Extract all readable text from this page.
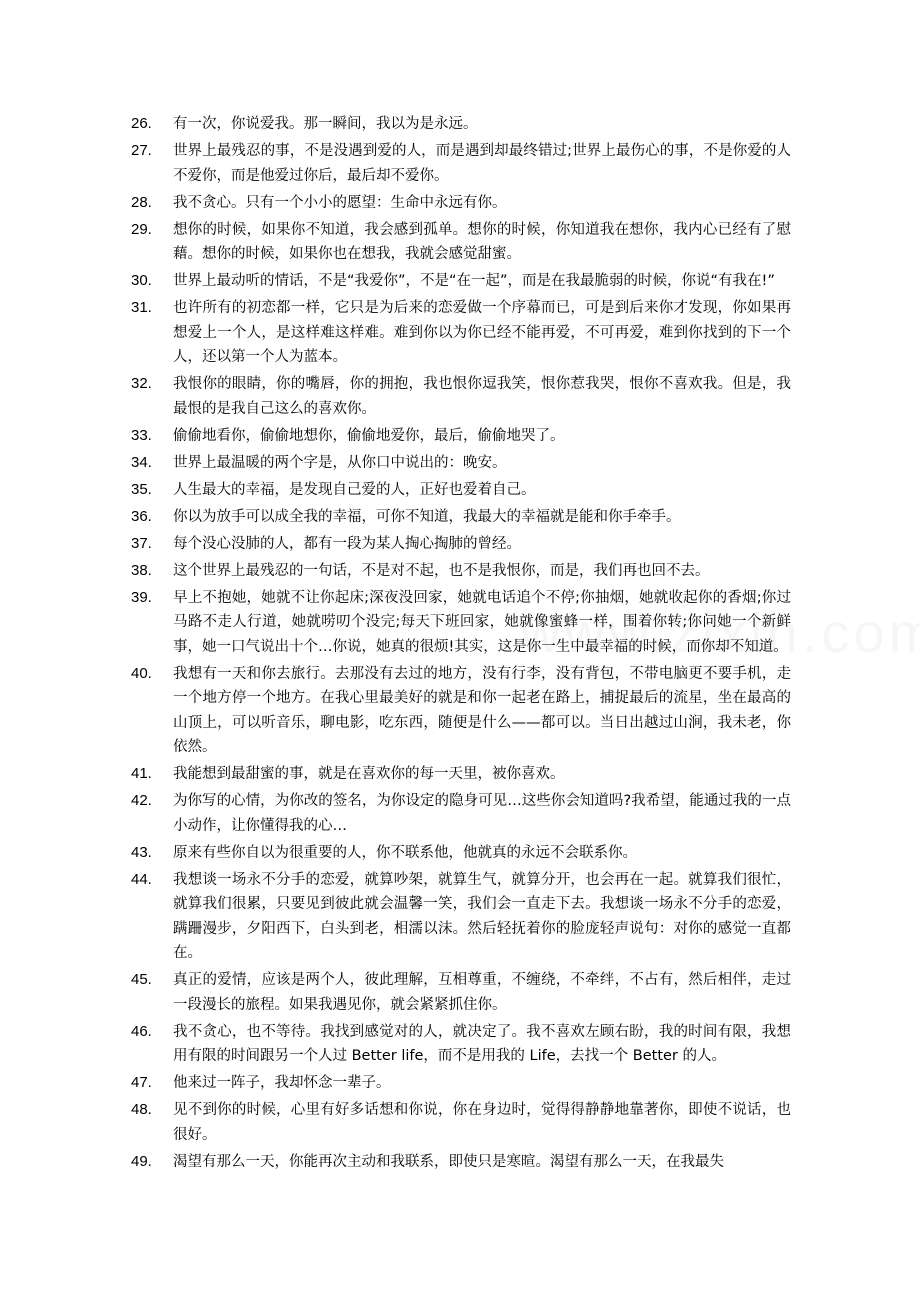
26.	有一次，你说爱我。那一瞬间，我以为是永远。
27.	世界上最残忍的事，不是没遇到爱的人，而是遇到却最终错过;世界上最伤心的事，不是你爱的人不爱你，而是他爱过你后，最后却不爱你。
28.	我不贪心。只有一个小小的愿望：生命中永远有你。
29.	想你的时候，如果你不知道，我会感到孤单。想你的时候，你知道我在想你，我内心已经有了慰藉。想你的时候，如果你也在想我，我就会感觉甜蜜。
30.	世界上最动听的情话，不是“我爱你”，不是“在一起”，而是在我最脆弱的时候，你说“有我在!”
31.	也许所有的初恋都一样，它只是为后来的恋爱做一个序幕而已，可是到后来你才发现，你如果再想爱上一个人，是这样难这样难。难到你以为你已经不能再爱，不可再爱，难到你找到的下一个人，还以第一个人为蓝本。
32.	我恨你的眼睛，你的嘴唇，你的拥抱，我也恨你逗我笑，恨你惹我哭，恨你不喜欢我。但是，我最恨的是我自己这么的喜欢你。
33.	偷偷地看你，偷偷地想你，偷偷地爱你，最后，偷偷地哭了。
34.	世界上最温暖的两个字是，从你口中说出的：晚安。
35.	人生最大的幸福，是发现自己爱的人，正好也爱着自己。
36.	你以为放手可以成全我的幸福，可你不知道，我最大的幸福就是能和你手牵手。
37.	每个没心没肺的人，都有一段为某人掏心掏肺的曾经。
38.	这个世界上最残忍的一句话，不是对不起，也不是我恨你，而是，我们再也回不去。
39.	早上不抱她，她就不让你起床;深夜没回家，她就电话追个不停;你抽烟，她就收起你的香烟;你过马路不走人行道，她就唠叨个没完;每天下班回家，她就像蜜蜂一样，围着你转;你问她一个新鲜事，她一口气说出十个…你说，她真的很烦!其实，这是你一生中最幸福的时候，而你却不知道。
40.	我想有一天和你去旅行。去那没有去过的地方，没有行李，没有背包，不带电脑更不要手机，走一个地方停一个地方。在我心里最美好的就是和你一起老在路上，捕捉最后的流星，坐在最高的山顶上，可以听音乐，聊电影，吃东西，随便是什么——都可以。当日出越过山涧，我未老，你依然。
41.	我能想到最甜蜜的事，就是在喜欢你的每一天里，被你喜欢。
42.	为你写的心情，为你改的签名，为你设定的隐身可见…这些你会知道吗?我希望，能通过我的一点小动作，让你懂得我的心…
43.	原来有些你自以为很重要的人，你不联系他，他就真的永远不会联系你。
44.	我想谈一场永不分手的恋爱，就算吵架，就算生气，就算分开，也会再在一起。就算我们很忙，就算我们很累，只要见到彼此就会温馨一笑，我们会一直走下去。我想谈一场永不分手的恋爱，蹒跚漫步，夕阳西下，白头到老，相濡以沫。然后轻抚着你的脸庞轻声说句：对你的感觉一直都在。
45.	真正的爱情，应该是两个人，彼此理解，互相尊重，不缠绕，不牵绊，不占有，然后相伴，走过一段漫长的旅程。如果我遇见你，就会紧紧抓住你。
46.	我不贪心，也不等待。我找到感觉对的人，就决定了。我不喜欢左顾右盼，我的时间有限，我想用有限的时间跟另一个人过 Better life，而不是用我的 Life，去找一个 Better 的人。
47.	他来过一阵子，我却怀念一辈子。
48.	见不到你的时候，心里有好多话想和你说，你在身边时，觉得得静静地靠著你，即使不说话，也很好。
49.	渴望有那么一天，你能再次主动和我联系，即使只是寒暄。渴望有那么一天，在我最失
